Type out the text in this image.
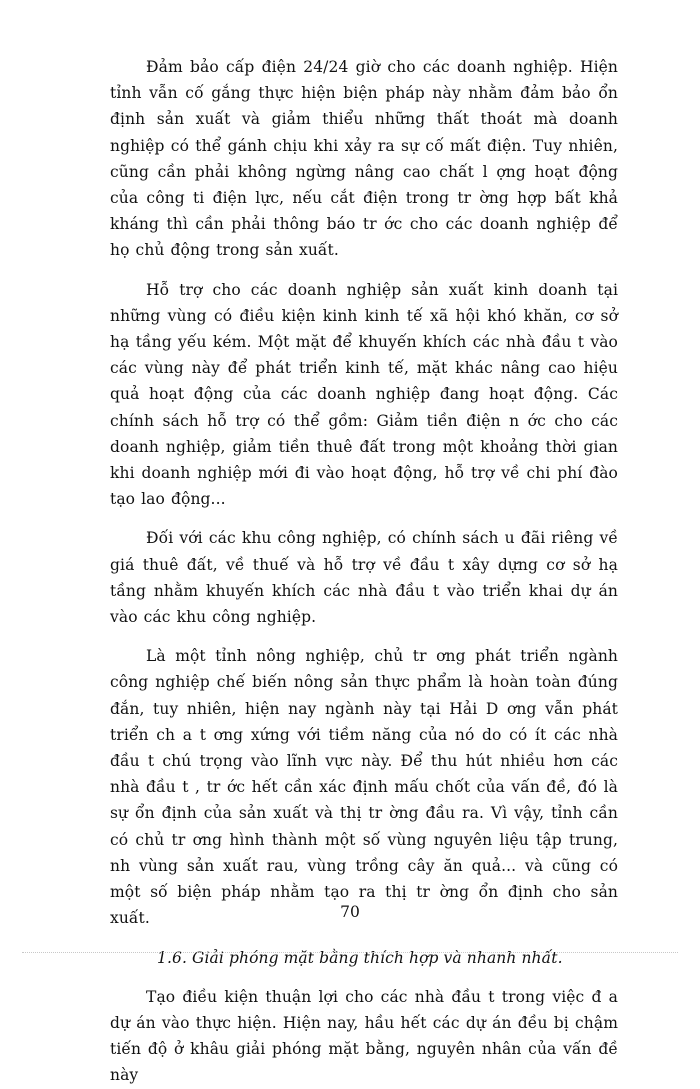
Đảm bảo cấp điện 24/24 giờ cho các doanh nghiệp. Hiện tỉnh vẫn cố gắng thực hiện biện pháp này nhằm đảm bảo ổn định sản xuất và giảm thiểu những thất thoát mà doanh nghiệp có thể gánh chịu khi xảy ra sự cố mất điện. Tuy nhiên, cũng cần phải không ngừng nâng cao chất l ợng hoạt động của công ti điện lực, nếu cắt điện trong tr ờng hợp bất khả kháng thì cần phải thông báo tr ớc cho các doanh nghiệp để họ chủ động trong sản xuất.

Hỗ trợ cho các doanh nghiệp sản xuất kinh doanh tại những vùng có điều kiện kinh kinh tế xã hội khó khăn, cơ sở hạ tầng yếu kém. Một mặt để khuyến khích các nhà đầu t vào các vùng này để phát triển kinh tế, mặt khác nâng cao hiệu quả hoạt động của các doanh nghiệp đang hoạt động. Các chính sách hỗ trợ có thể gồm: Giảm tiền điện n ớc cho các doanh nghiệp, giảm tiền thuê đất trong một khoảng thời gian khi doanh nghiệp mới đi vào hoạt động, hỗ trợ về chi phí đào tạo lao động...

Đối với các khu công nghiệp, có chính sách u đãi riêng về giá thuê đất, về thuế và hỗ trợ về đầu t xây dựng cơ sở hạ tầng nhằm khuyến khích các nhà đầu t vào triển khai dự án vào các khu công nghiệp.

Là một tỉnh nông nghiệp, chủ tr ơng phát triển ngành công nghiệp chế biến nông sản thực phẩm là hoàn toàn đúng đắn, tuy nhiên, hiện nay ngành này tại Hải D ơng vẫn phát triển ch a t ơng xứng với tiềm năng của nó do có ít các nhà đầu t chú trọng vào lĩnh vực này. Để thu hút nhiều hơn các nhà đầu t , tr ớc hết cần xác định mấu chốt của vấn đề, đó là sự ổn định của sản xuất và thị tr ờng đầu ra. Vì vậy, tỉnh cần có chủ tr ơng hình thành một số vùng nguyên liệu tập trung, nh vùng sản xuất rau, vùng trồng cây ăn quả... và cũng có một số biện pháp nhằm tạo ra thị tr ờng ổn định cho sản xuất.

1.6. Giải phóng mặt bằng thích hợp và nhanh nhất.

Tạo điều kiện thuận lợi cho các nhà đầu t trong việc đ a dự án vào thực hiện. Hiện nay, hầu hết các dự án đều bị chậm tiến độ ở khâu giải phóng mặt bằng, nguyên nhân của vấn đề này

70
